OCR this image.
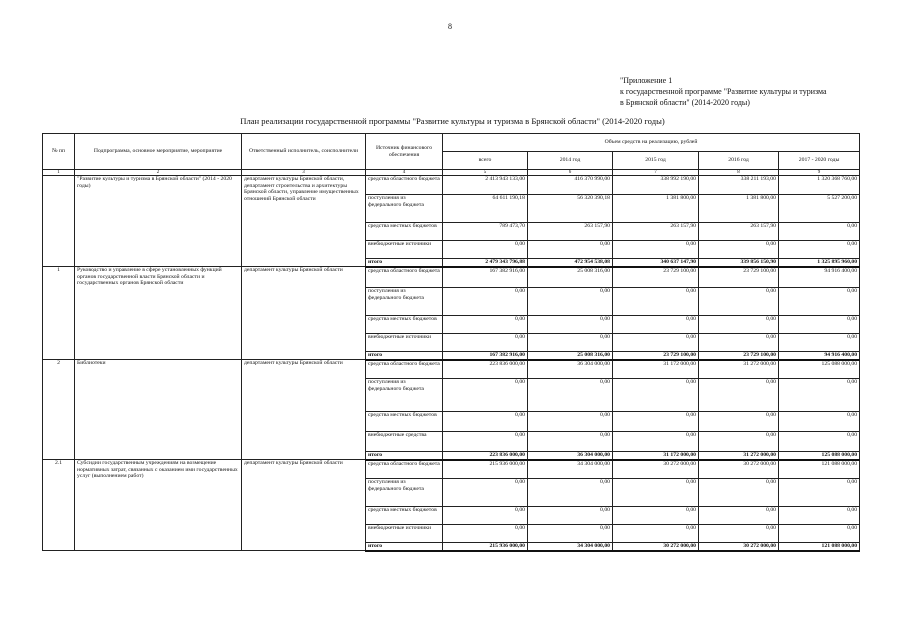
8
"Приложение 1
к государственной программе "Развитие культуры и туризма
в Брянской области" (2014-2020 годы)
План реализации государственной программы "Развитие культуры и туризма в Брянской области" (2014-2020 годы)
№ пп	Подпрограмма, основное мероприятие, мероприятие	Ответственный исполнитель, соисполнители	Источник финансового обеспечения	Объем средств на реализацию, рублей				
				всего	2014 год	2015 год	2016 год	2017 - 2020 годы
1	2	3	4	5	6	7	8	9
	"Развитие культуры и туризма в Брянской области" (2014 - 2020 годы)	департамент культуры Брянской области, департамент строительства и архитектуры Брянской области, управление имущественных отношений Брянской области	средства областного бюджета	2 413 943 133,00	416 370 990,00	338 992 190,00	338 211 193,00	1 320 368 760,00
			поступления из федерального бюджета	64 611 190,18	56 320 390,18	1 381 800,00	1 381 800,00	5 527 200,00
			средства местных бюджетов	789 473,70	263 157,90	263 157,90	263 157,90	0,00
			внебюджетные источники	0,00	0,00	0,00	0,00	0,00
			итого	2 479 343 796,88	472 954 538,08	340 637 147,90	339 856 150,90	1 325 895 960,00
1	Руководство и управление в сфере установленных функций органов государственной власти Брянской области и государственных органов Брянской области	департамент культуры Брянской области	средства областного бюджета	167 382 916,00	25 008 316,00	23 729 100,00	23 729 100,00	94 916 400,00
			поступления из федерального бюджета	0,00	0,00	0,00	0,00	0,00
			средства местных бюджетов	0,00	0,00	0,00	0,00	0,00
			внебюджетные источники	0,00	0,00	0,00	0,00	0,00
			итого	167 382 916,00	25 008 316,00	23 729 100,00	23 729 100,00	94 916 400,00
2	Библиотеки	департамент культуры Брянской области	средства областного бюджета	223 836 000,00	36 304 000,00	31 172 000,00	31 272 000,00	125 088 000,00
			поступления из федерального бюджета	0,00	0,00	0,00	0,00	0,00
			средства местных бюджетов	0,00	0,00	0,00	0,00	0,00
			внебюджетные средства	0,00	0,00	0,00	0,00	0,00
			итого	223 836 000,00	36 304 000,00	31 172 000,00	31 272 000,00	125 088 000,00
2.1	Субсидии государственным учреждениям на возмещение нормативных затрат, связанных с оказанием ими государственных услуг (выполнением работ)	департамент культуры Брянской области	средства областного бюджета	215 936 000,00	34 304 000,00	30 272 000,00	30 272 000,00	121 088 000,00
			поступления из федерального бюджета	0,00	0,00	0,00	0,00	0,00
			средства местных бюджетов	0,00	0,00	0,00	0,00	0,00
			внебюджетные источники	0,00	0,00	0,00	0,00	0,00
			итого	215 936 000,00	34 304 000,00	30 272 000,00	30 272 000,00	121 088 000,00
